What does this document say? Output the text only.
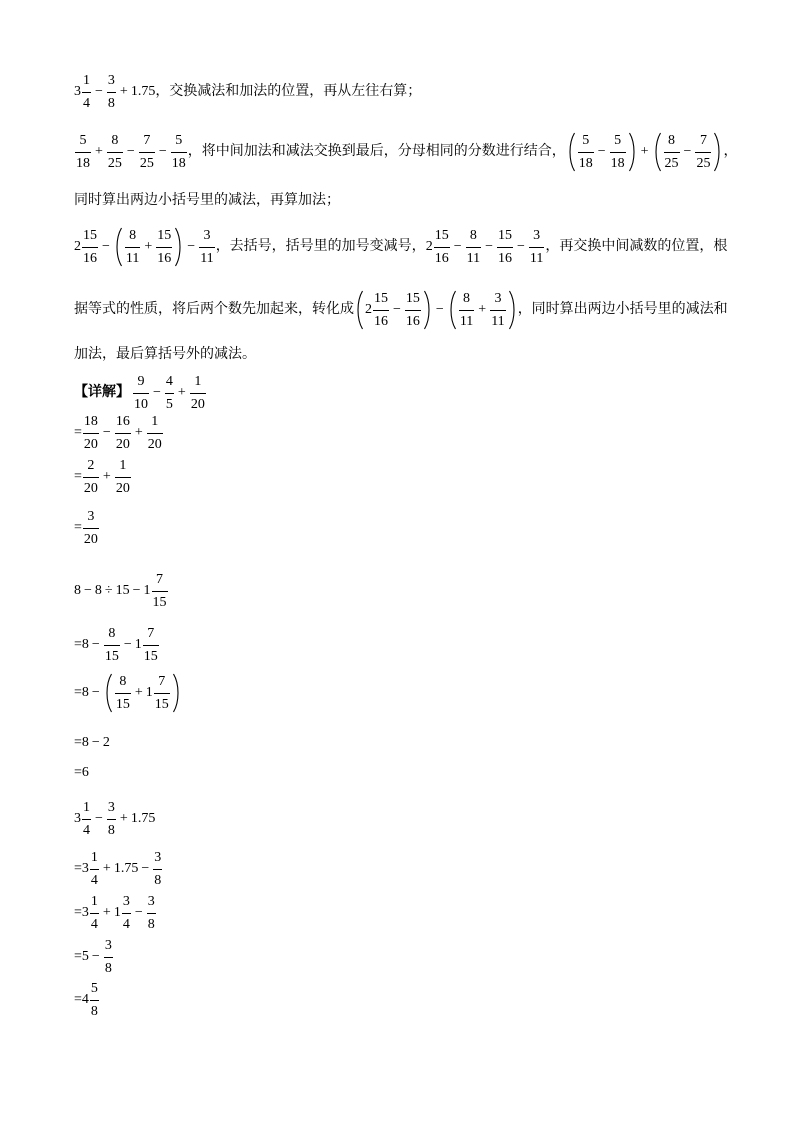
$3 \frac{1}{4} - \frac{3}{8} + 1.75$ ，交换减法和加法的位置，再从左往右算；
$\frac{5}{18} + \frac{8}{25} - \frac{7}{25} - \frac{5}{18}$ ，将中间加法和减法交换到最后，分母相同的分数进行结合， $\frac{5}{18} - \frac{5}{18} + \frac{8}{25} - \frac{7}{25}$ ，
同时算出两边小括号里的减法，再算加法；
$2 \frac{15}{16} - \frac{8}{11} + \frac{15}{16} - \frac{3}{11}$ ，去括号，括号里的加号变减号， $2 \frac{15}{16} - \frac{8}{11} - \frac{15}{16} - \frac{3}{11}$ ，再交换中间减数的位置，根
据等式的性质，将后两个数先加起来，转化成 $2 \frac{15}{16} - \frac{15}{16} - \frac{8}{11} + \frac{3}{11}$ ，同时算出两边小括号里的减法和
加法，最后算括号外的减法。
【详解】 $\frac{9}{10} - \frac{4}{5} + \frac{1}{20}$
= $\frac{18}{20} - \frac{16}{20} + \frac{1}{20}$
= $\frac{2}{20} + \frac{1}{20}$
= $\frac{3}{20}$
$8 - 8 \div 15 - 1 \frac{7}{15}$
$=8 - \frac{8}{15} - 1 \frac{7}{15}$
$=8 - \frac{8}{15} + 1 \frac{7}{15}$
=8 − 2
=6
$3 \frac{1}{4} - \frac{3}{8} + 1.75$
$=3 \frac{1}{4} + 1.75 - \frac{3}{8}$
$=3 \frac{1}{4} + 1 \frac{3}{4} - \frac{3}{8}$
$=5 - \frac{3}{8}$
$=4 \frac{5}{8}$
